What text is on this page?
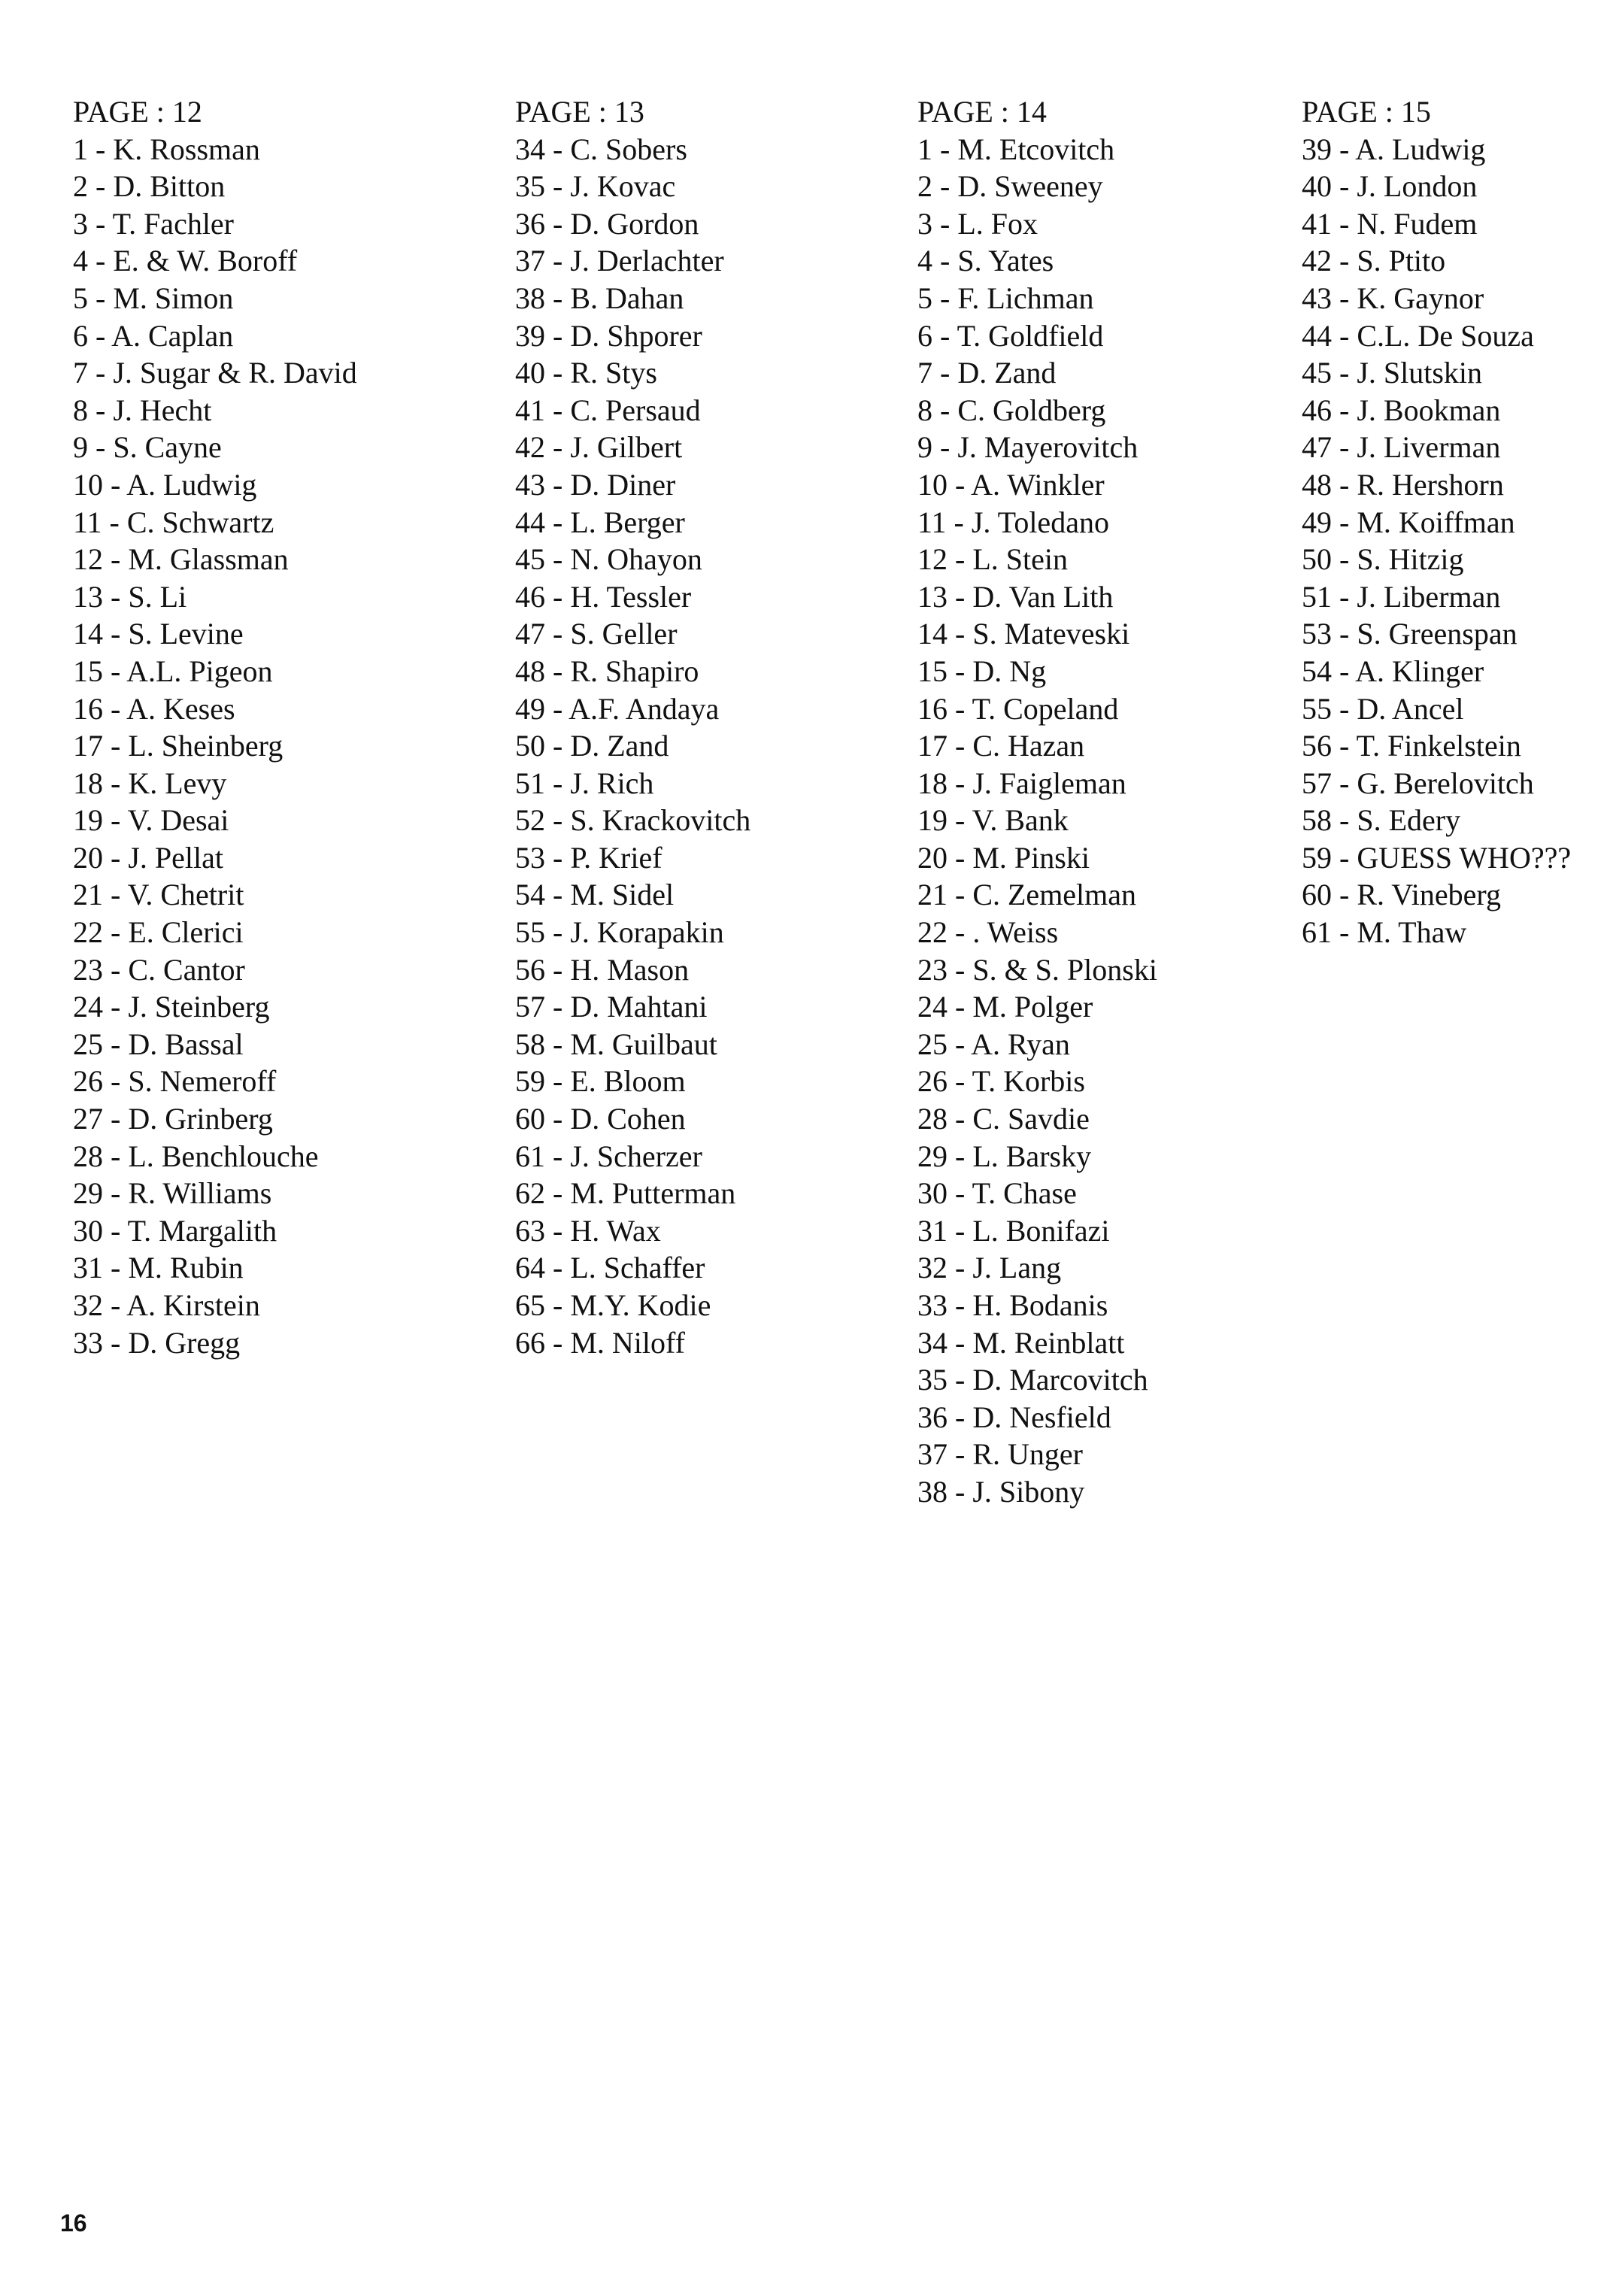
PAGE : 12
1 - K. Rossman
2 - D. Bitton
3 - T. Fachler
4 - E. & W. Boroff
5 - M. Simon
6 - A. Caplan
7 - J. Sugar & R. David
8 - J. Hecht
9 - S. Cayne
10 - A. Ludwig
11 - C. Schwartz
12 - M. Glassman
13 - S. Li
14 - S. Levine
15 - A.L. Pigeon
16 - A. Keses
17 - L. Sheinberg
18 - K. Levy
19 - V. Desai
20 - J. Pellat
21 - V. Chetrit
22 - E. Clerici
23 - C. Cantor
24 - J. Steinberg
25 - D. Bassal
26 - S. Nemeroff
27 - D. Grinberg
28 - L. Benchlouche
29 - R. Williams
30 - T. Margalith
31 - M. Rubin
32 - A. Kirstein
33 - D. Gregg
PAGE : 13
34 - C. Sobers
35 - J. Kovac
36 - D. Gordon
37 - J. Derlachter
38 - B. Dahan
39 - D. Shporer
40 - R. Stys
41 - C. Persaud
42 - J. Gilbert
43 - D. Diner
44 - L. Berger
45 - N. Ohayon
46 - H. Tessler
47 - S. Geller
48 - R. Shapiro
49 - A.F. Andaya
50 - D. Zand
51 - J. Rich
52 - S. Krackovitch
53 - P. Krief
54 - M. Sidel
55 - J. Korapakin
56 - H. Mason
57 - D. Mahtani
58 - M. Guilbaut
59 - E. Bloom
60 - D. Cohen
61 - J. Scherzer
62 - M. Putterman
63 - H. Wax
64 - L. Schaffer
65 - M.Y. Kodie
66 - M. Niloff
PAGE : 14
1 - M. Etcovitch
2 - D. Sweeney
3 - L. Fox
4 - S. Yates
5 - F. Lichman
6 - T. Goldfield
7 - D. Zand
8 - C. Goldberg
9 - J. Mayerovitch
10 - A. Winkler
11 - J. Toledano
12 - L. Stein
13 - D. Van Lith
14 - S. Mateveski
15 - D. Ng
16 - T. Copeland
17 - C. Hazan
18 - J. Faigleman
19 - V. Bank
20 - M. Pinski
21 - C. Zemelman
22 - . Weiss
23 - S. & S. Plonski
24 - M. Polger
25 - A. Ryan
26 - T. Korbis
28 - C. Savdie
29 - L. Barsky
30 - T. Chase
31 - L. Bonifazi
32 - J. Lang
33 - H. Bodanis
34 - M. Reinblatt
35 - D. Marcovitch
36 - D. Nesfield
37 - R. Unger
38 - J. Sibony
PAGE : 15
39 - A. Ludwig
40 - J. London
41 - N. Fudem
42 - S. Ptito
43 - K. Gaynor
44 - C.L. De Souza
45 - J. Slutskin
46 - J. Bookman
47 - J. Liverman
48 - R. Hershorn
49 - M. Koiffman
50 - S. Hitzig
51 - J. Liberman
53 - S. Greenspan
54 - A. Klinger
55 - D. Ancel
56 - T. Finkelstein
57 - G. Berelovitch
58 - S. Edery
59 - GUESS WHO???
60 - R. Vineberg
61 - M. Thaw
16
